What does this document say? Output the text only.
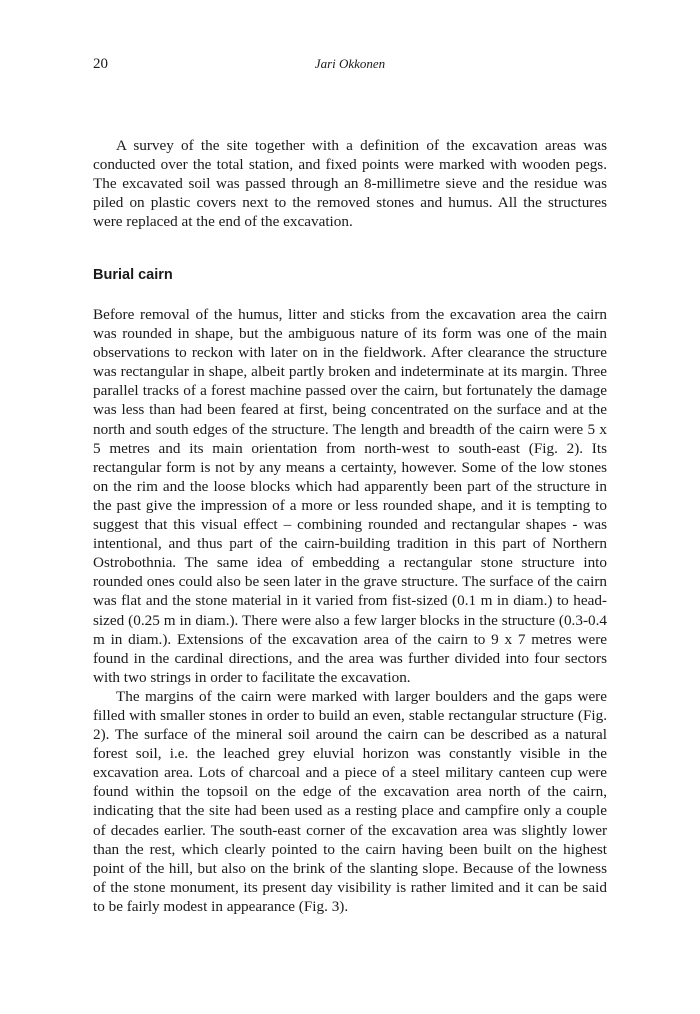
20	Jari Okkonen

A survey of the site together with a definition of the excavation areas was conducted over the total station, and fixed points were marked with wooden pegs. The excavated soil was passed through an 8-millimetre sieve and the residue was piled on plastic covers next to the removed stones and humus. All the structures were replaced at the end of the excavation.

Burial cairn

Before removal of the humus, litter and sticks from the excavation area the cairn was rounded in shape, but the ambiguous nature of its form was one of the main observations to reckon with later on in the fieldwork. After clearance the structure was rectangular in shape, albeit partly broken and indeterminate at its margin. Three parallel tracks of a forest machine passed over the cairn, but fortunately the damage was less than had been feared at first, being concentrated on the surface and at the north and south edges of the structure. The length and breadth of the cairn were 5 x 5 metres and its main orientation from north-west to south-east (Fig. 2). Its rectangular form is not by any means a certainty, however. Some of the low stones on the rim and the loose blocks which had apparently been part of the structure in the past give the impression of a more or less rounded shape, and it is tempting to suggest that this visual effect – combining rounded and rectangular shapes - was intentional, and thus part of the cairn-building tradition in this part of Northern Ostrobothnia. The same idea of embedding a rectangular stone structure into rounded ones could also be seen later in the grave structure. The surface of the cairn was flat and the stone material in it varied from fist-sized (0.1 m in diam.) to head-sized (0.25 m in diam.). There were also a few larger blocks in the structure (0.3-0.4 m in diam.). Extensions of the excavation area of the cairn to 9 x 7 metres were found in the cardinal directions, and the area was further divided into four sectors with two strings in order to facilitate the excavation.

The margins of the cairn were marked with larger boulders and the gaps were filled with smaller stones in order to build an even, stable rectangular structure (Fig. 2). The surface of the mineral soil around the cairn can be described as a natural forest soil, i.e. the leached grey eluvial horizon was constantly visible in the excavation area. Lots of charcoal and a piece of a steel military canteen cup were found within the topsoil on the edge of the excavation area north of the cairn, indicating that the site had been used as a resting place and campfire only a couple of decades earlier. The south-east corner of the excavation area was slightly lower than the rest, which clearly pointed to the cairn having been built on the highest point of the hill, but also on the brink of the slanting slope. Because of the lowness of the stone monument, its present day visibility is rather limited and it can be said to be fairly modest in appearance (Fig. 3).
